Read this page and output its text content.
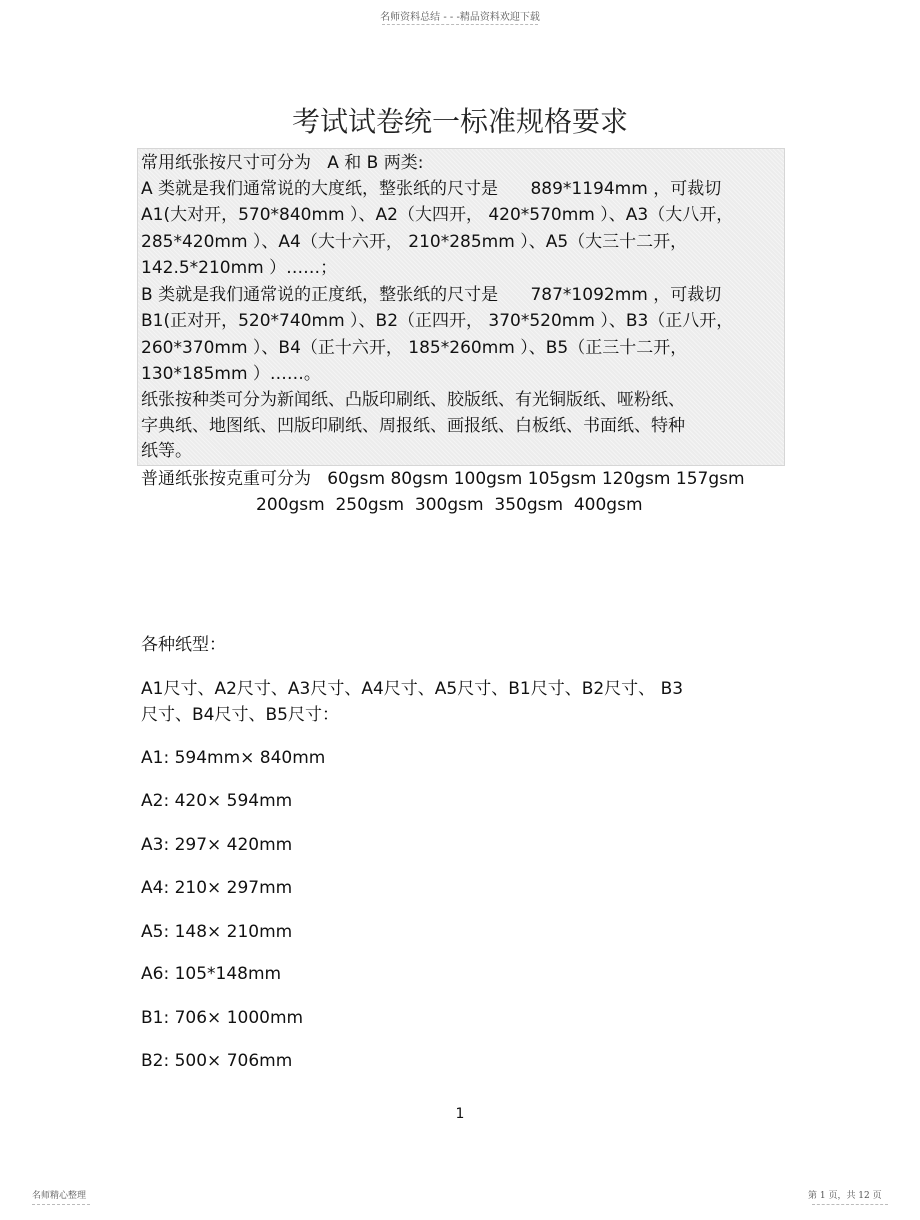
名师资料总结 - - -精品资料欢迎下载
考试试卷统一标准规格要求
常用纸张按尺寸可分为   A 和 B 两类:
A 类就是我们通常说的大度纸，整张纸的尺寸是      889*1194mm ，可裁切
A1(大对开，570*840mm ）、A2（大四开， 420*570mm ）、A3（大八开，
285*420mm ）、A4（大十六开， 210*285mm ）、A5（大三十二开，
142.5*210mm ）……；
B 类就是我们通常说的正度纸，整张纸的尺寸是      787*1092mm ，可裁切
B1(正对开，520*740mm ）、B2（正四开， 370*520mm ）、B3（正八开，
260*370mm ）、B4（正十六开， 185*260mm ）、B5（正三十二开，
130*185mm ）……。
纸张按种类可分为新闻纸、凸版印刷纸、胶版纸、有光铜版纸、哑粉纸、
字典纸、地图纸、凹版印刷纸、周报纸、画报纸、白板纸、书面纸、特种
纸等。
普通纸张按克重可分为   60gsm 80gsm 100gsm 105gsm 120gsm 157gsm
200gsm  250gsm  300gsm  350gsm  400gsm
各种纸型：
A1尺寸、A2尺寸、A3尺寸、A4尺寸、A5尺寸、B1尺寸、B2尺寸、 B3
尺寸、B4尺寸、B5尺寸：
A1: 594mm× 840mm
A2: 420× 594mm
A3: 297× 420mm
A4: 210× 297mm
A5: 148× 210mm
A6: 105*148mm
B1: 706× 1000mm
B2: 500× 706mm
1
名师精心整理	第 1 页，共 12 页
